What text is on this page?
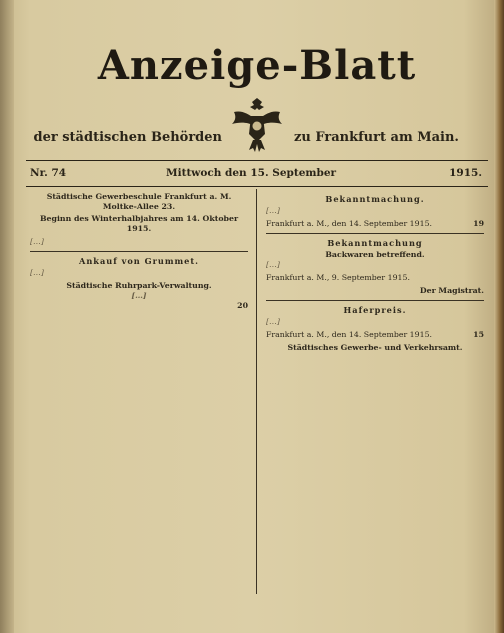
Anzeige-Blatt
der städtischen Behörden	zu Frankfurt am Main.
Nr. 74	Mittwoch den 15. September	1915.
Städtische Gewerbeschule Frankfurt a. M.
Moltke-Allee 23.
Beginn des Winterhalbjahres am 14. Oktober 1915.
[…]
Ankauf von Grummet.
[…]
Städtische Ruhrpark-Verwaltung.
[…]
20
Bekanntmachung.
[…]
Frankfurt a. M., den 14. September 1915.	19
Bekanntmachung
Backwaren betreffend.
[…]
Frankfurt a. M., 9. September 1915.
Der Magistrat.
Haferpreis.
[…]
Frankfurt a. M., den 14. September 1915.	15
Städtisches Gewerbe- und Verkehrsamt.
